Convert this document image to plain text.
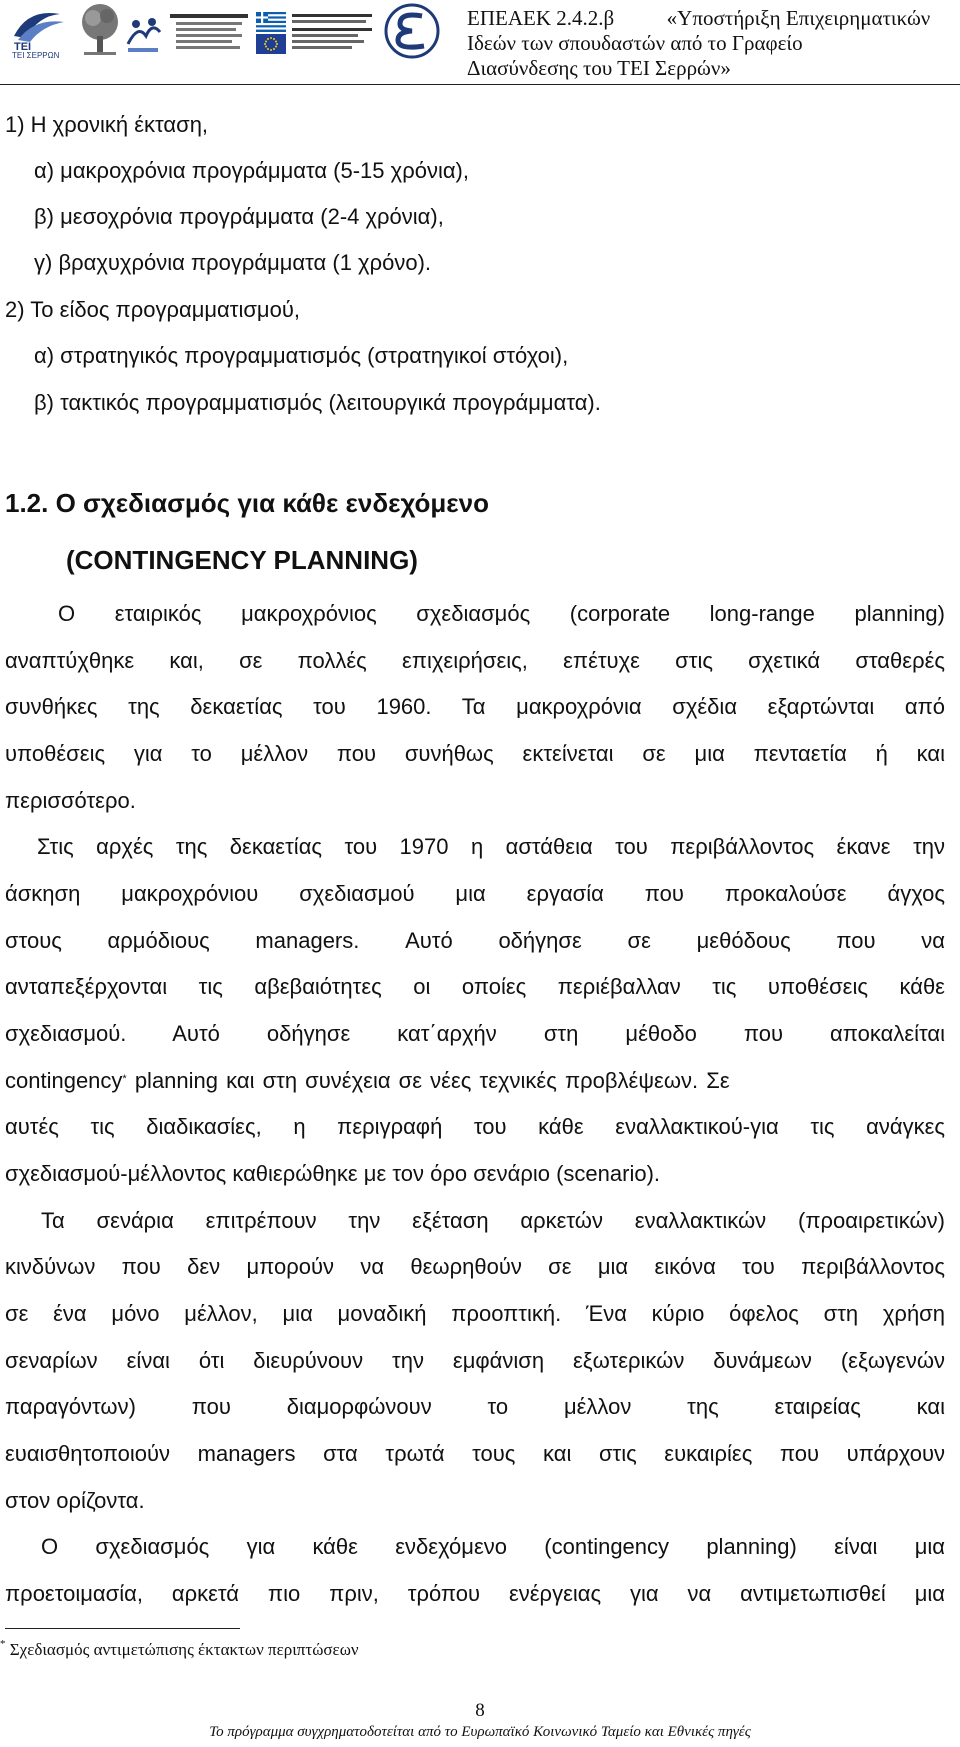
ΤΕΙ
ΤΕΙ ΣΕΡΡΩΝ
ΕΠΕΑΕΚ 2.4.2.β	«Υποστήριξη Επιχειρηματικών
Ιδεών των σπουδαστών από το Γραφείο
Διασύνδεσης του ΤΕΙ Σερρών»
1) Η χρονική έκταση,
α) μακροχρόνια προγράμματα (5-15 χρόνια),
β) μεσοχρόνια προγράμματα (2-4 χρόνια),
γ) βραχυχρόνια προγράμματα (1 χρόνο).
2) Το είδος προγραμματισμού,
α) στρατηγικός προγραμματισμός (στρατηγικοί στόχοι),
β) τακτικός προγραμματισμός (λειτουργικά προγράμματα).
1.2. Ο σχεδιασμός για κάθε ενδεχόμενο
(CONTINGENCY PLANNING)
Ο εταιρικός μακροχρόνιος σχεδιασμός (corporate long-range planning)
αναπτύχθηκε και, σε πολλές επιχειρήσεις, επέτυχε στις σχετικά σταθερές
συνθήκες της δεκαετίας του 1960. Τα μακροχρόνια σχέδια εξαρτώνται από
υποθέσεις για το μέλλον που συνήθως εκτείνεται σε μια πενταετία ή και
περισσότερο.
Στις αρχές της δεκαετίας του 1970 η αστάθεια του περιβάλλοντος έκανε την
άσκηση μακροχρόνιου σχεδιασμού μια εργασία που προκαλούσε άγχος
στους αρμόδιους managers. Αυτό οδήγησε σε μεθόδους που να
ανταπεξέρχονται τις αβεβαιότητες οι οποίες περιέβαλλαν τις υποθέσεις κάθε
σχεδιασμού. Αυτό οδήγησε κατ΄αρχήν στη μέθοδο που αποκαλείται
contingency* planning και στη συνέχεια σε νέες τεχνικές προβλέψεων. Σε
αυτές τις διαδικασίες, η περιγραφή του κάθε εναλλακτικού-για τις ανάγκες
σχεδιασμού-μέλλοντος καθιερώθηκε με τον όρο σενάριο (scenario).
Τα σενάρια επιτρέπουν την εξέταση αρκετών εναλλακτικών (προαιρετικών)
κινδύνων που δεν μπορούν να θεωρηθούν σε μια εικόνα του περιβάλλοντος
σε ένα μόνο μέλλον, μια μοναδική προοπτική. Ένα κύριο όφελος στη χρήση
σεναρίων είναι ότι διευρύνουν την εμφάνιση εξωτερικών δυνάμεων (εξωγενών
παραγόντων) που διαμορφώνουν το μέλλον της εταιρείας και
ευαισθητοποιούν managers στα τρωτά τους και στις ευκαιρίες που υπάρχουν
στον ορίζοντα.
Ο σχεδιασμός για κάθε ενδεχόμενο (contingency planning) είναι μια
προετοιμασία, αρκετά πιο πριν, τρόπου ενέργειας για να αντιμετωπισθεί μια
* Σχεδιασμός αντιμετώπισης έκτακτων περιπτώσεων
8
Το πρόγραμμα συγχρηματοδοτείται από το Ευρωπαϊκό Κοινωνικό Ταμείο και Εθνικές πηγές
